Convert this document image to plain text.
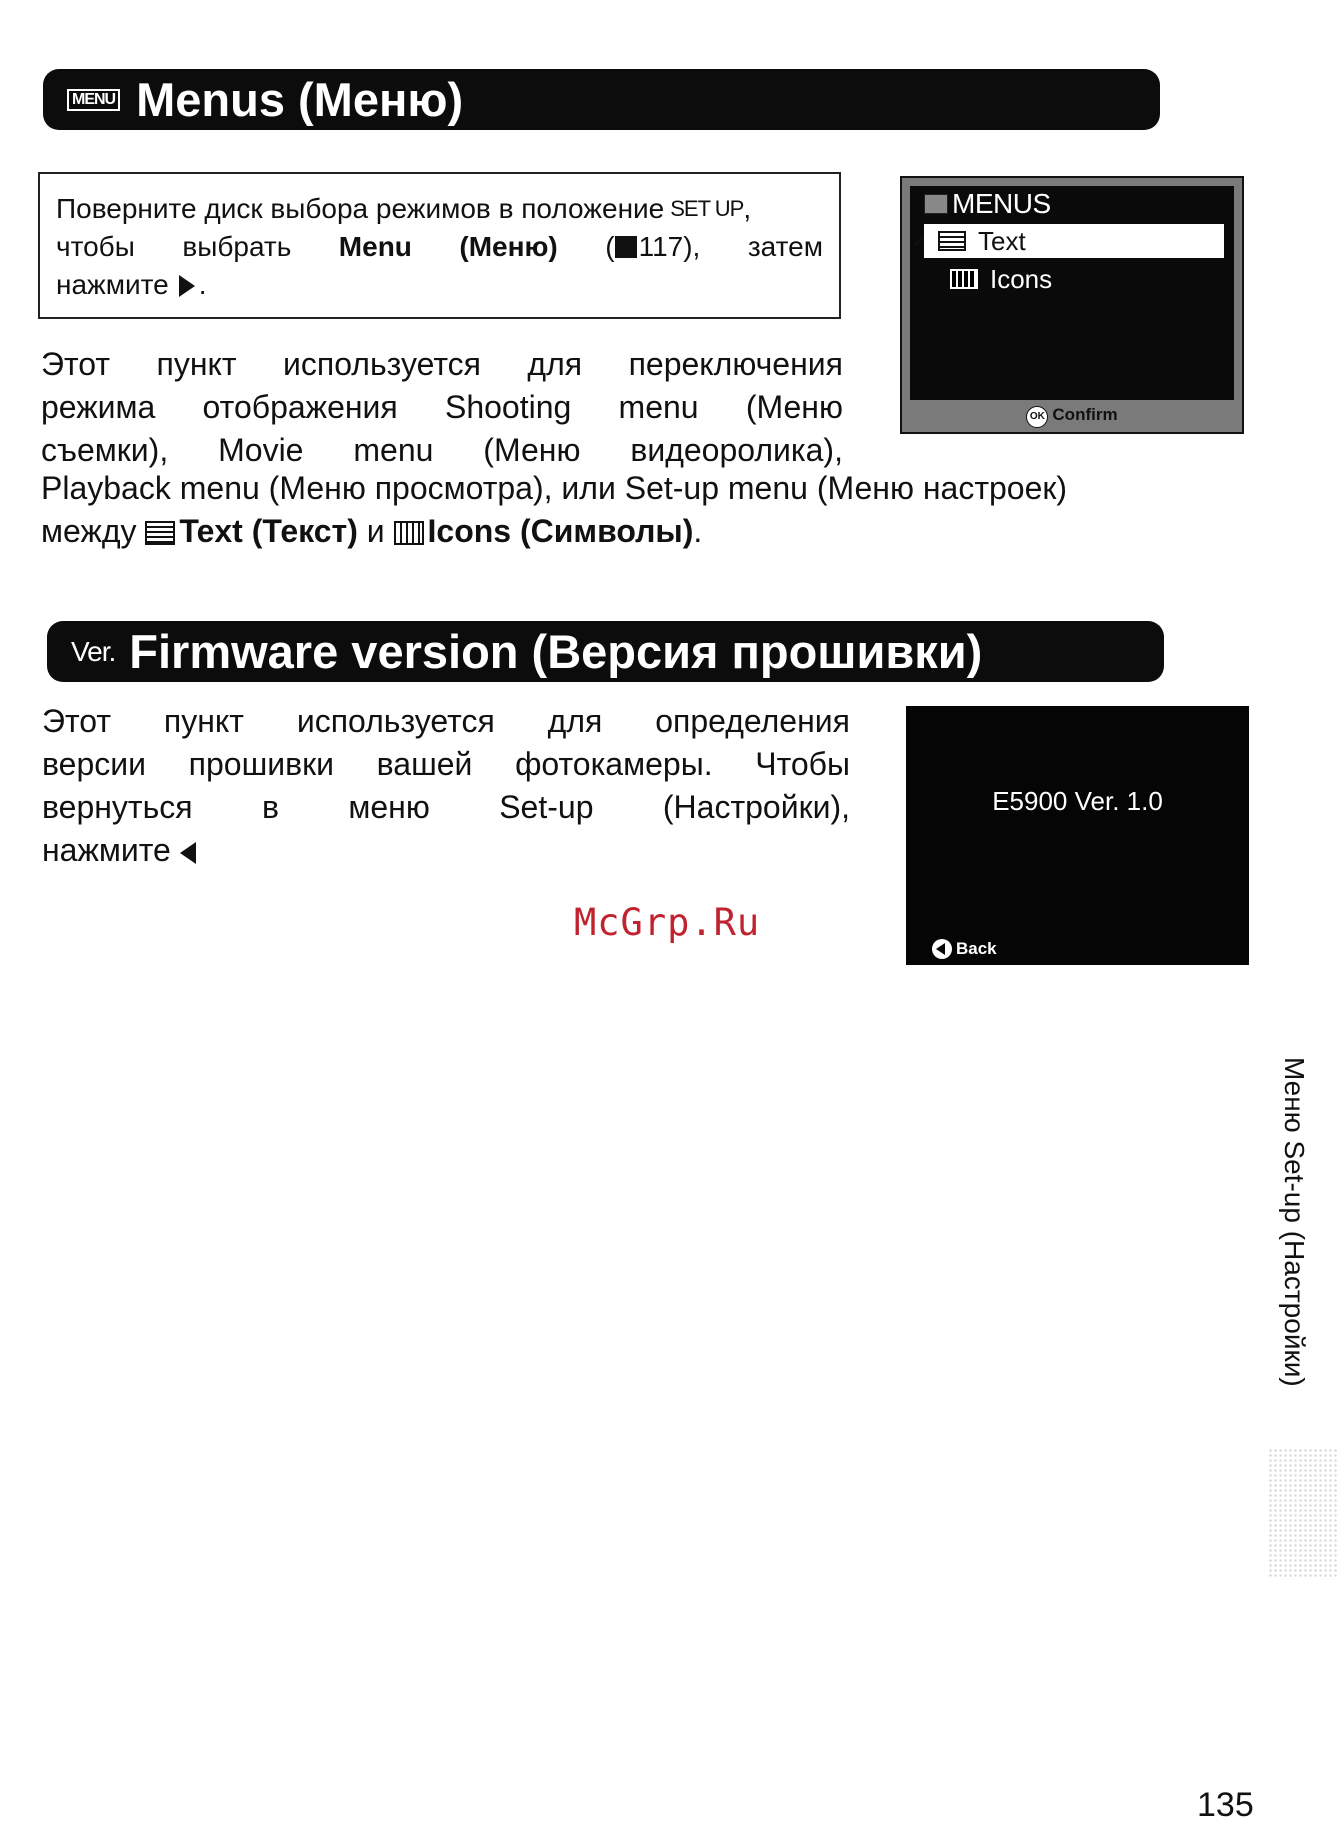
MENU Menus (Меню)
Поверните диск выбора режимов в положение SET UP ,
чтобы выбрать Menu (Меню) ( 117), затем
нажмите .
Этот пункт используется для переключения
режима отображения Shooting menu (Меню
съемки), Movie menu (Меню видеоролика),
Playback menu (Меню просмотра), или Set-up menu (Меню настроек)
между Text (Текст) и Icons (Символы).
MENUS
✓ Text
Icons
OK Confirm
Ver. Firmware version (Версия прошивки)
Этот пункт используется для определения
версии прошивки вашей фотокамеры. Чтобы
вернуться в меню Set-up (Настройки),
нажмите .
E5900 Ver. 1.0
Back
McGrp.Ru
Меню Set-up (Настройки)
135
